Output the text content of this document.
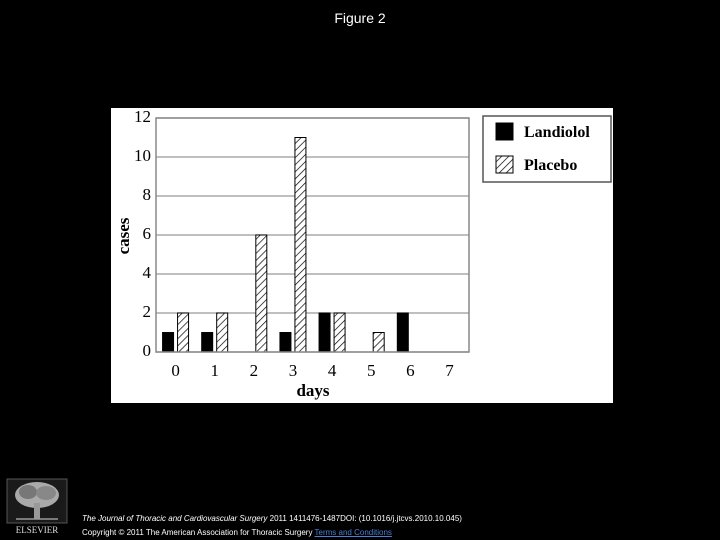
Figure 2
0
2
4
6
8
10
12
0 1 2 3 4 5 6 7
cases
days
Landiolol
Placebo
ELSEVIER
The Journal of Thoracic and Cardiovascular Surgery 2011 1411476-1487DOI: (10.1016/j.jtcvs.2010.10.045)
Copyright © 2011 The American Association for Thoracic Surgery Terms and Conditions
